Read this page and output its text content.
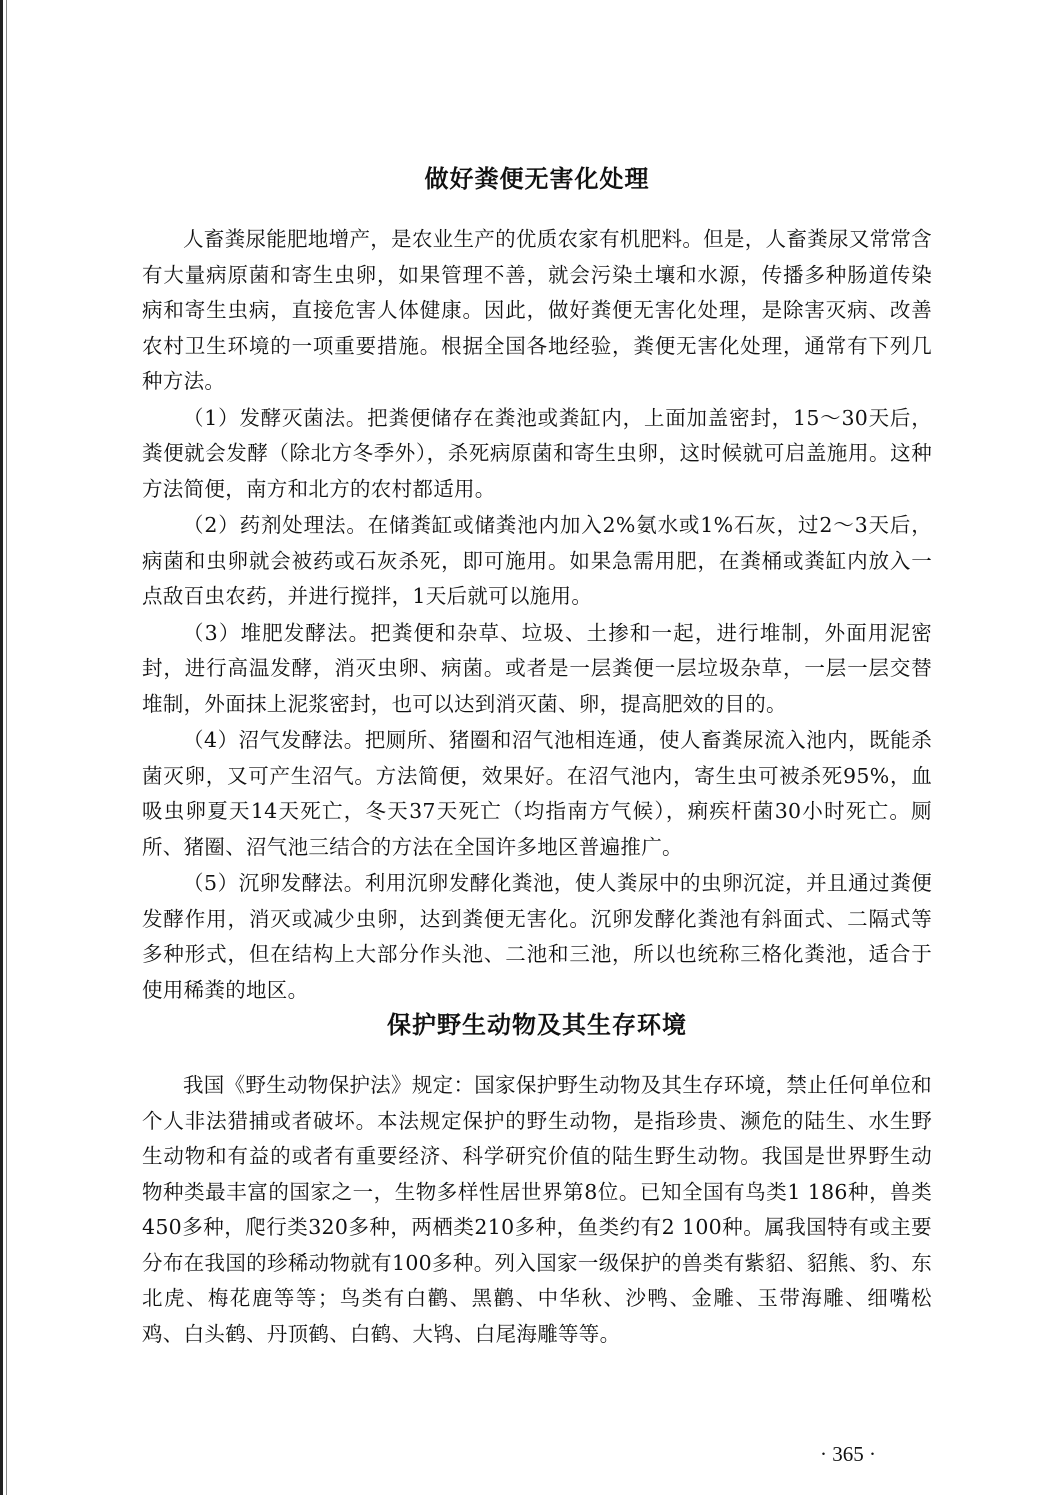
做好粪便无害化处理

人畜粪尿能肥地增产，是农业生产的优质农家有机肥料。但是，人畜粪尿又常常含有大量病原菌和寄生虫卵，如果管理不善，就会污染土壤和水源，传播多种肠道传染病和寄生虫病，直接危害人体健康。因此，做好粪便无害化处理，是除害灭病、改善农村卫生环境的一项重要措施。根据全国各地经验，粪便无害化处理，通常有下列几种方法。

（1）发酵灭菌法。把粪便储存在粪池或粪缸内，上面加盖密封，15～30天后，粪便就会发酵（除北方冬季外），杀死病原菌和寄生虫卵，这时候就可启盖施用。这种方法简便，南方和北方的农村都适用。

（2）药剂处理法。在储粪缸或储粪池内加入2%氨水或1%石灰，过2～3天后，病菌和虫卵就会被药或石灰杀死，即可施用。如果急需用肥，在粪桶或粪缸内放入一点敌百虫农药，并进行搅拌，1天后就可以施用。

（3）堆肥发酵法。把粪便和杂草、垃圾、土掺和一起，进行堆制，外面用泥密封，进行高温发酵，消灭虫卵、病菌。或者是一层粪便一层垃圾杂草，一层一层交替堆制，外面抹上泥浆密封，也可以达到消灭菌、卵，提高肥效的目的。

（4）沼气发酵法。把厕所、猪圈和沼气池相连通，使人畜粪尿流入池内，既能杀菌灭卵，又可产生沼气。方法简便，效果好。在沼气池内，寄生虫可被杀死95%，血吸虫卵夏天14天死亡，冬天37天死亡（均指南方气候），痢疾杆菌30小时死亡。厕所、猪圈、沼气池三结合的方法在全国许多地区普遍推广。

（5）沉卵发酵法。利用沉卵发酵化粪池，使人粪尿中的虫卵沉淀，并且通过粪便发酵作用，消灭或减少虫卵，达到粪便无害化。沉卵发酵化粪池有斜面式、二隔式等多种形式，但在结构上大部分作头池、二池和三池，所以也统称三格化粪池，适合于使用稀粪的地区。

保护野生动物及其生存环境

我国《野生动物保护法》规定：国家保护野生动物及其生存环境，禁止任何单位和个人非法猎捕或者破坏。本法规定保护的野生动物，是指珍贵、濒危的陆生、水生野生动物和有益的或者有重要经济、科学研究价值的陆生野生动物。我国是世界野生动物种类最丰富的国家之一，生物多样性居世界第8位。已知全国有鸟类1 186种，兽类450多种，爬行类320多种，两栖类210多种，鱼类约有2 100种。属我国特有或主要分布在我国的珍稀动物就有100多种。列入国家一级保护的兽类有紫貂、貂熊、豹、东北虎、梅花鹿等等；鸟类有白鹳、黑鹳、中华秋、沙鸭、金雕、玉带海雕、细嘴松鸡、白头鹤、丹顶鹤、白鹤、大鸨、白尾海雕等等。

· 365 ·
